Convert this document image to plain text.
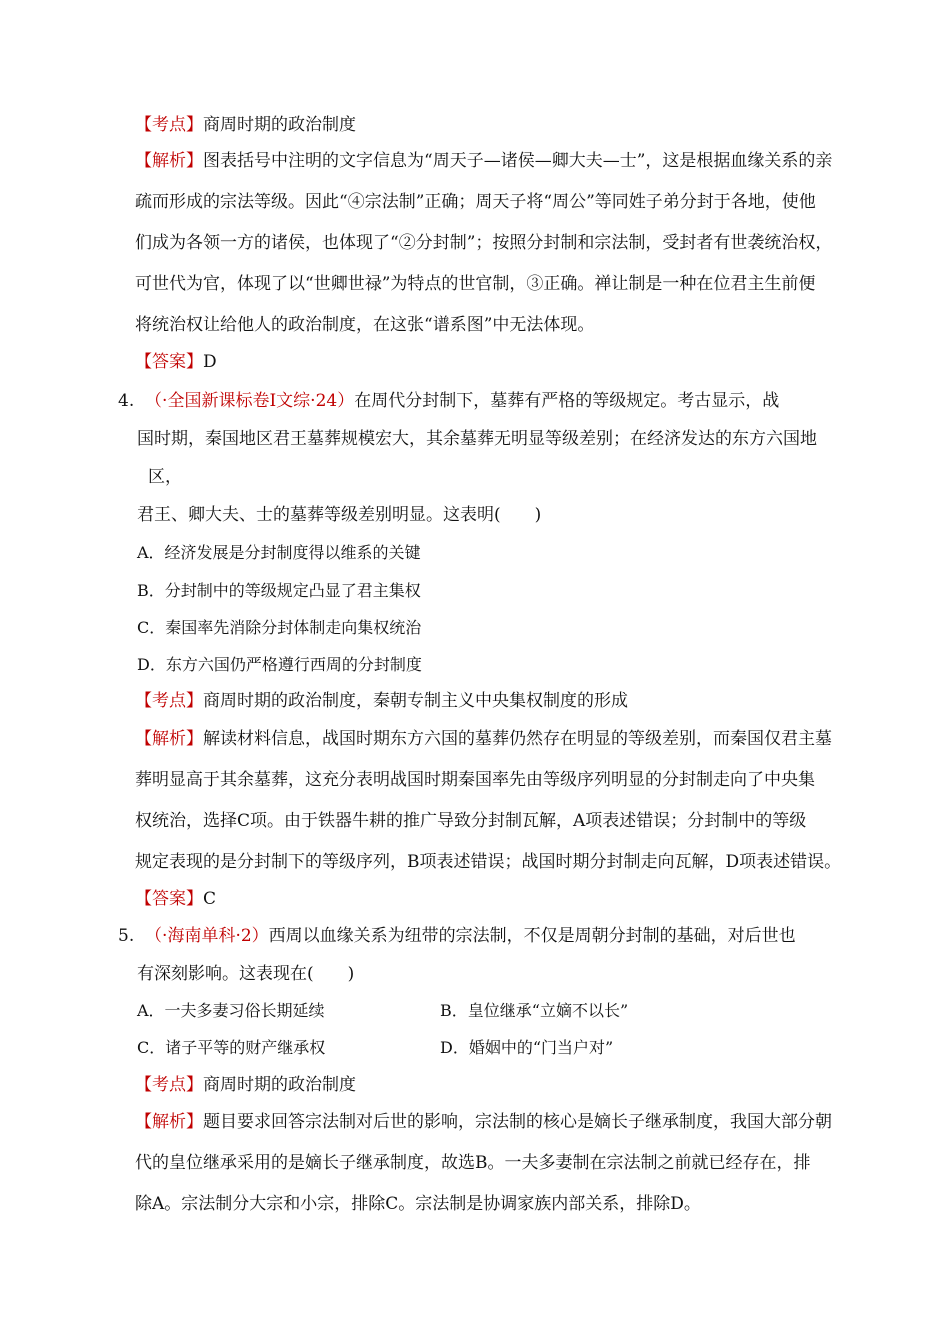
【考点】商周时期的政治制度
【解析】图表括号中注明的文字信息为“周天子—诸侯—卿大夫—士”，这是根据血缘关系的亲
疏而形成的宗法等级。因此“④宗法制”正确；周天子将“周公”等同姓子弟分封于各地，使他
们成为各领一方的诸侯，也体现了“②分封制”；按照分封制和宗法制，受封者有世袭统治权，
可世代为官，体现了以“世卿世禄”为特点的世官制，③正确。禅让制是一种在位君主生前便
将统治权让给他人的政治制度，在这张“谱系图”中无法体现。
【答案】D
4. （·全国新课标卷Ⅰ文综·24）在周代分封制下，墓葬有严格的等级规定。考古显示，战
国时期，秦国地区君王墓葬规模宏大，其余墓葬无明显等级差别；在经济发达的东方六国地
区，
君王、卿大夫、士的墓葬等级差别明显。这表明(　　)
A．经济发展是分封制度得以维系的关键
B．分封制中的等级规定凸显了君主集权
C．秦国率先消除分封体制走向集权统治
D．东方六国仍严格遵行西周的分封制度
【考点】商周时期的政治制度，秦朝专制主义中央集权制度的形成
【解析】解读材料信息，战国时期东方六国的墓葬仍然存在明显的等级差别，而秦国仅君主墓
葬明显高于其余墓葬，这充分表明战国时期秦国率先由等级序列明显的分封制走向了中央集
权统治，选择C项。由于铁器牛耕的推广导致分封制瓦解，A项表述错误；分封制中的等级
规定表现的是分封制下的等级序列，B项表述错误；战国时期分封制走向瓦解，D项表述错误。
【答案】C
5. （·海南单科·2）西周以血缘关系为纽带的宗法制，不仅是周朝分封制的基础，对后世也
有深刻影响。这表现在(　　)
A．一夫多妻习俗长期延续	B．皇位继承“立嫡不以长”
C．诸子平等的财产继承权	D．婚姻中的“门当户对”
【考点】商周时期的政治制度
【解析】题目要求回答宗法制对后世的影响，宗法制的核心是嫡长子继承制度，我国大部分朝
代的皇位继承采用的是嫡长子继承制度，故选B。一夫多妻制在宗法制之前就已经存在，排
除A。宗法制分大宗和小宗，排除C。宗法制是协调家族内部关系，排除D。
